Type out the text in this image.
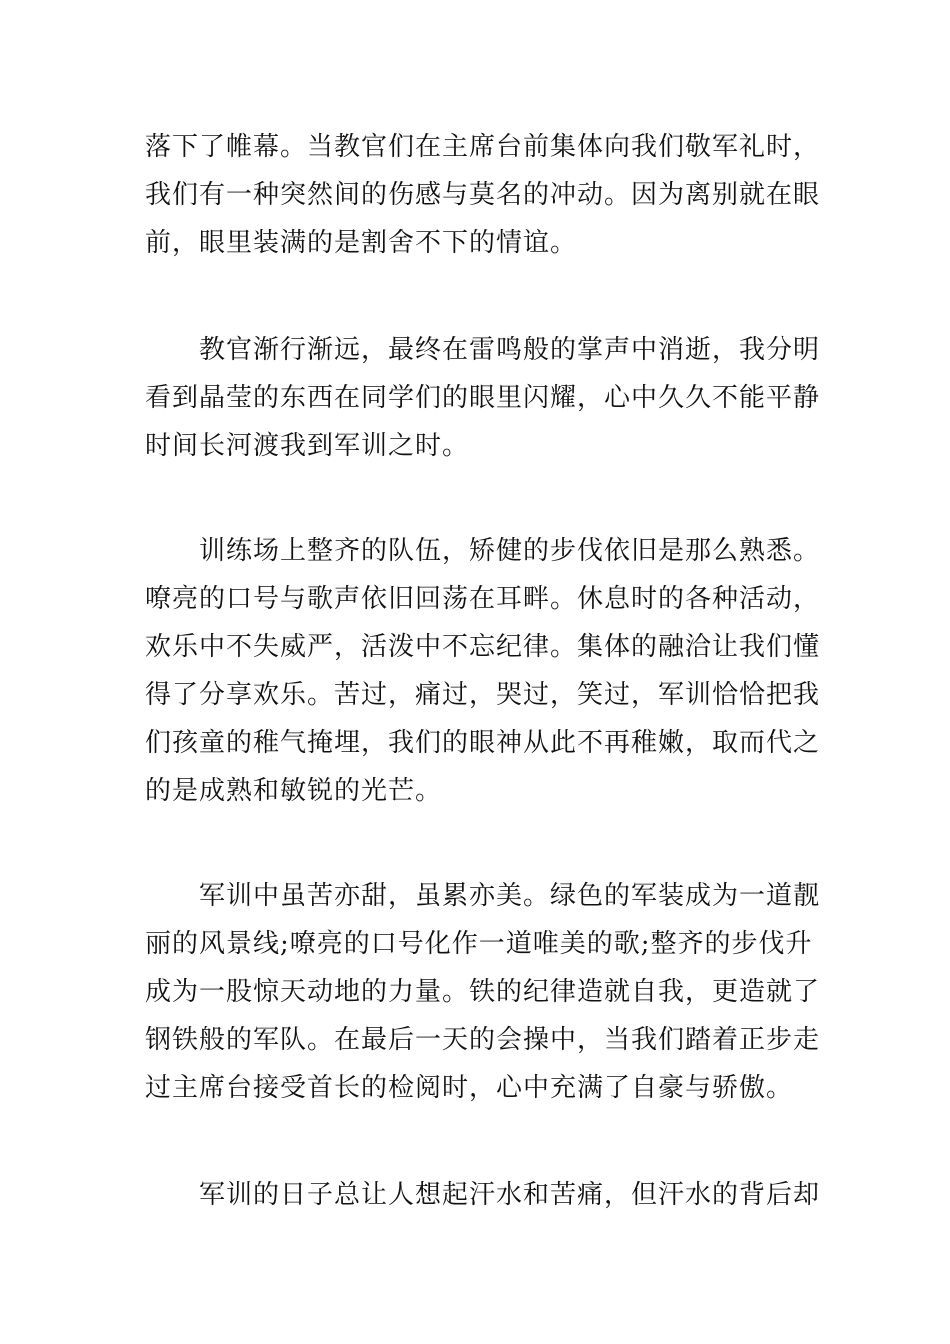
落下了帷幕。当教官们在主席台前集体向我们敬军礼时，
我们有一种突然间的伤感与莫名的冲动。因为离别就在眼
前，眼里装满的是割舍不下的情谊。

教官渐行渐远，最终在雷鸣般的掌声中消逝，我分明
看到晶莹的东西在同学们的眼里闪耀，心中久久不能平静
时间长河渡我到军训之时。

训练场上整齐的队伍，矫健的步伐依旧是那么熟悉。
嘹亮的口号与歌声依旧回荡在耳畔。休息时的各种活动，
欢乐中不失威严，活泼中不忘纪律。集体的融洽让我们懂
得了分享欢乐。苦过，痛过，哭过，笑过，军训恰恰把我
们孩童的稚气掩埋，我们的眼神从此不再稚嫩，取而代之
的是成熟和敏锐的光芒。

军训中虽苦亦甜，虽累亦美。绿色的军装成为一道靓
丽的风景线;嘹亮的口号化作一道唯美的歌;整齐的步伐升
成为一股惊天动地的力量。铁的纪律造就自我，更造就了
钢铁般的军队。在最后一天的会操中，当我们踏着正步走
过主席台接受首长的检阅时，心中充满了自豪与骄傲。

军训的日子总让人想起汗水和苦痛，但汗水的背后却
